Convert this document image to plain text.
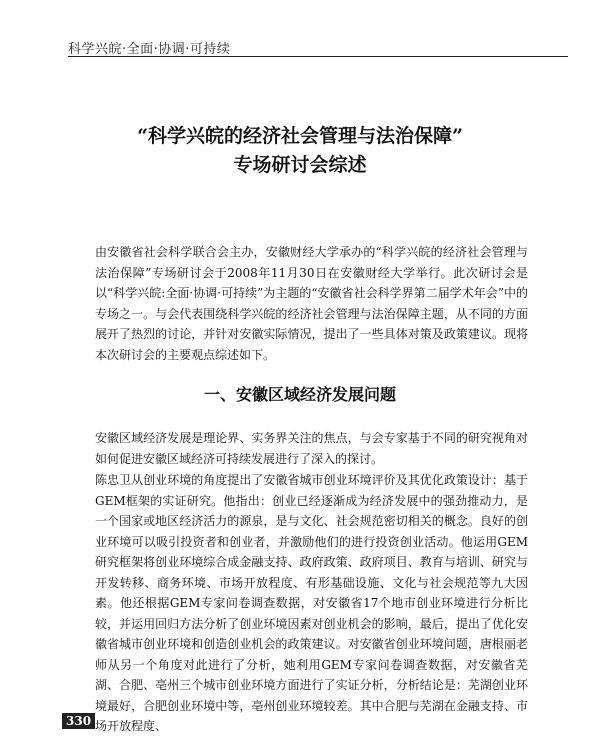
科学兴皖·全面·协调·可持续
“科学兴皖的经济社会管理与法治保障”
专场研讨会综述

由安徽省社会科学联合会主办，安徽财经大学承办的“科学兴皖的经济社会管理与法治保障”专场研讨会于2008年11月30日在安徽财经大学举行。此次研讨会是以“科学兴皖:全面·协调·可持续”为主题的“安徽省社会科学界第二届学术年会”中的专场之一。与会代表围绕科学兴皖的经济社会管理与法治保障主题，从不同的方面展开了热烈的讨论，并针对安徽实际情况，提出了一些具体对策及政策建议。现将本次研讨会的主要观点综述如下。

一、安徽区域经济发展问题

安徽区域经济发展是理论界、实务界关注的焦点，与会专家基于不同的研究视角对如何促进安徽区域经济可持续发展进行了深入的探讨。

陈忠卫从创业环境的角度提出了安徽省城市创业环境评价及其优化政策设计：基于GEM框架的实证研究。他指出：创业已经逐渐成为经济发展中的强劲推动力，是一个国家或地区经济活力的源泉，是与文化、社会规范密切相关的概念。良好的创业环境可以吸引投资者和创业者，并激励他们的进行投资创业活动。他运用GEM研究框架将创业环境综合成金融支持、政府政策、政府项目、教育与培训、研究与开发转移、商务环境、市场开放程度、有形基础设施、文化与社会规范等九大因素。他还根据GEM专家问卷调查数据，对安徽省17个地市创业环境进行分析比较，并运用回归方法分析了创业环境因素对创业机会的影响，最后，提出了优化安徽省城市创业环境和创造创业机会的政策建议。对安徽省创业环境问题，唐根丽老师从另一个角度对此进行了分析，她利用GEM专家问卷调查数据，对安徽省芜湖、合肥、亳州三个城市创业环境方面进行了实证分析，分析结论是：芜湖创业环境最好，合肥创业环境中等，亳州创业环境较差。其中合肥与芜湖在金融支持、市场开放程度、

330
